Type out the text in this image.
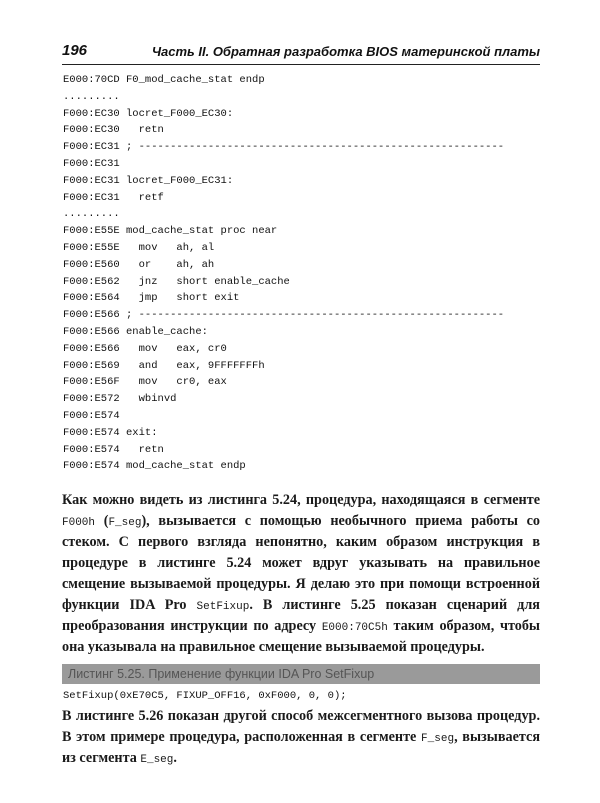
196	Часть II. Обратная разработка BIOS материнской платы
E000:70CD F0_mod_cache_stat endp
.........
F000:EC30 locret_F000_EC30:
F000:EC30   retn
F000:EC31 ; ----------------------------------------------------------
F000:EC31
F000:EC31 locret_F000_EC31:
F000:EC31   retf
.........
F000:E55E mod_cache_stat proc near
F000:E55E   mov   ah, al
F000:E560   or    ah, ah
F000:E562   jnz   short enable_cache
F000:E564   jmp   short exit
F000:E566 ; ----------------------------------------------------------
F000:E566 enable_cache:
F000:E566   mov   eax, cr0
F000:E569   and   eax, 9FFFFFFFh
F000:E56F   mov   cr0, eax
F000:E572   wbinvd
F000:E574
F000:E574 exit:
F000:E574   retn
F000:E574 mod_cache_stat endp
Как можно видеть из листинга 5.24, процедура, находящаяся в сегменте F000h (F_seg), вызывается с помощью необычного приема работы со стеком. С первого взгляда непонятно, каким образом инструкция в процедуре в листинге 5.24 может вдруг указывать на правильное смещение вызываемой процедуры. Я делаю это при помощи встроенной функции IDA Pro SetFixup. В листинге 5.25 показан сценарий для преобразования инструкции по адресу E000:70C5h таким образом, чтобы она указывала на правильное смещение вызываемой процедуры.
Листинг 5.25. Применение функции IDA Pro SetFixup
SetFixup(0xE70C5, FIXUP_OFF16, 0xF000, 0, 0);
В листинге 5.26 показан другой способ межсегментного вызова процедур. В этом примере процедура, расположенная в сегменте F_seg, вызывается из сегмента E_seg.
